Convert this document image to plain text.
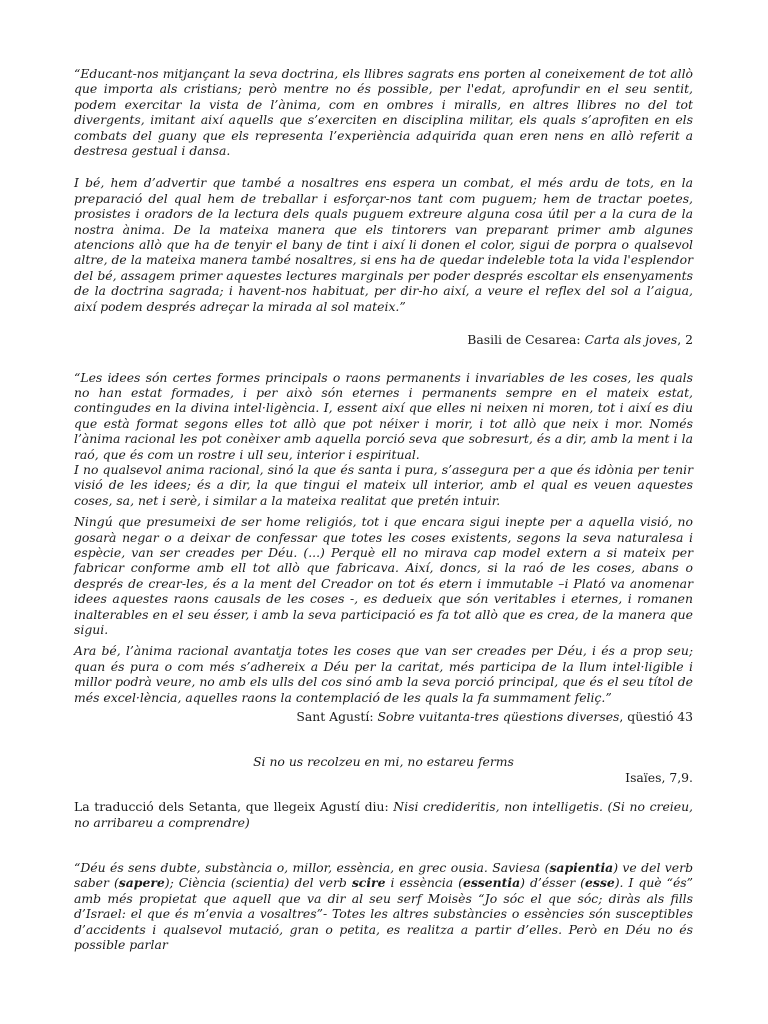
“Educant-nos mitjançant la seva doctrina, els llibres sagrats ens porten al coneixement de tot allò que importa als cristians; però mentre no és possible, per l'edat, aprofundir en el seu sentit, podem exercitar la vista de l’ànima, com en ombres i miralls, en altres llibres no del tot divergents, imitant així aquells que s’exerciten en disciplina militar, els quals s’aprofiten en els combats del guany que els representa l’experiència adquirida quan eren nens en allò referit a destresa gestual i dansa.

I bé, hem d’advertir que també a nosaltres ens espera un combat, el més ardu de tots, en la preparació del qual hem de treballar i esforçar-nos tant com puguem; hem de tractar poetes, prosistes i oradors de la lectura dels quals puguem extreure alguna cosa útil per a la cura de la nostra ànima. De la mateixa manera que els tintorers van preparant primer amb algunes atencions allò que ha de tenyir el bany de tint i així li donen el color, sigui de porpra o qualsevol altre, de la mateixa manera també nosaltres, si ens ha de quedar indeleble tota la vida l'esplendor del bé, assagem primer aquestes lectures marginals per poder després escoltar els ensenyaments de la doctrina sagrada; i havent-nos habituat, per dir-ho així, a veure el reflex del sol a l’aigua, així podem després adreçar la mirada al sol mateix.”

Basili de Cesarea: Carta als joves, 2

“Les idees són certes formes principals o raons permanents i invariables de les coses, les quals no han estat formades, i per això són eternes i permanents sempre en el mateix estat, contingudes en la divina intel·ligència. I, essent així que elles ni neixen ni moren, tot i així es diu que està format segons elles tot allò que pot néixer i morir, i tot allò que neix i mor. Només l’ànima racional les pot conèixer amb aquella porció seva que sobresurt, és a dir, amb la ment i la raó, que és com un rostre i ull seu, interior i espiritual.

I no qualsevol anima racional, sinó la que és santa i pura, s’assegura per a que és idònia per tenir visió de les idees; és a dir, la que tingui el mateix ull interior, amb el qual es veuen aquestes coses, sa, net i serè, i similar a la mateixa realitat que pretén intuir.

Ningú que presumeixi de ser home religiós, tot i que encara sigui inepte per a aquella visió, no gosarà negar o a deixar de confessar que totes les coses existents, segons la seva naturalesa i espècie, van ser creades per Déu. (...) Perquè ell no mirava cap model extern a si mateix per fabricar conforme amb ell tot allò que fabricava. Així, doncs, si la raó de les coses, abans o després de crear-les, és a la ment del Creador on tot és etern i immutable –i Plató va anomenar idees aquestes raons causals de les coses -, es dedueix que són veritables i eternes, i romanen inalterables en el seu ésser, i amb la seva participació es fa tot allò que es crea, de la manera que sigui.

Ara bé, l’ànima racional avantatja totes les coses que van ser creades per Déu, i és a prop seu; quan és pura o com més s’adhereix a Déu per la caritat, més participa de la llum intel·ligible i millor podrà veure, no amb els ulls del cos sinó amb la seva porció principal, que és el seu títol de més excel·lència, aquelles raons la contemplació de les quals la fa summament feliç.”

Sant Agustí: Sobre vuitanta-tres qüestions diverses, qüestió 43

Si no us recolzeu en mi, no estareu ferms

Isaïes, 7,9.

La traducció dels Setanta, que llegeix Agustí diu: Nisi credideritis, non intelligetis. (Si no creieu, no arribareu a comprendre)

“Déu és sens dubte, substància o, millor, essència, en grec ousia. Saviesa (sapientia) ve del verb saber (sapere); Ciència (scientia) del verb scire i essència (essentia) d’ésser (esse). I què “és” amb més propietat que aquell que va dir al seu serf Moisès “Jo sóc el que sóc; diràs als fills d’Israel: el que és m’envia a vosaltres”- Totes les altres substàncies o essències són susceptibles d’accidents i qualsevol mutació, gran o petita, es realitza a partir d’elles. Però en Déu no és possible parlar
